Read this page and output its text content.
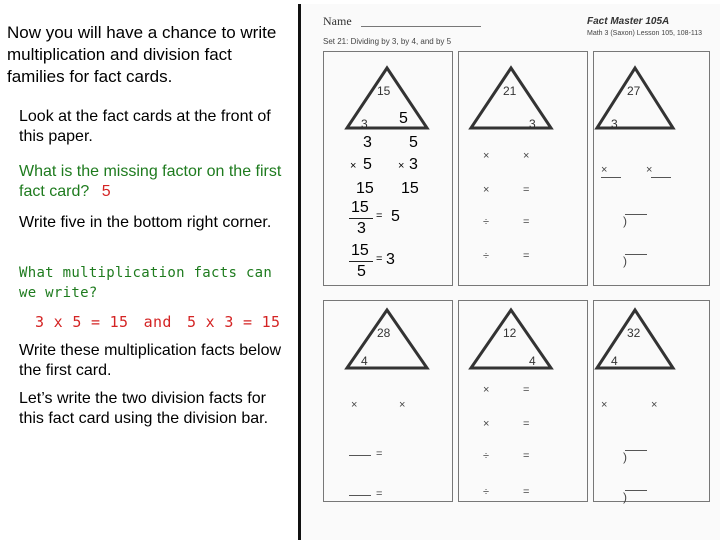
Now you will have a chance to write multiplication and division fact families for fact cards.
Look at the fact cards at the front of this paper.
What is the missing factor on the first fact card? 5
Write five in the bottom right corner.
What multiplication facts can we write?
3 x 5 = 15 and 5 x 3 = 15
Write these multiplication facts below the first card.
Let’s write the two division facts for this fact card using the division bar.
Name
Set 21: Dividing by 3, by 4, and by 5
Fact Master 105A
Math 3 (Saxon) Lesson 105, 108-113
15
3 5
21
3
27
3
28
4
12
4
32
4
3
× 5
15
5
× 3
15
15 = 5
3
15 = 3
5
×	×
×	=
÷	=
÷	=
×	×
)
)
×	×
=
=
×	=
×	=
÷	=
÷	=
×	×
)
)
